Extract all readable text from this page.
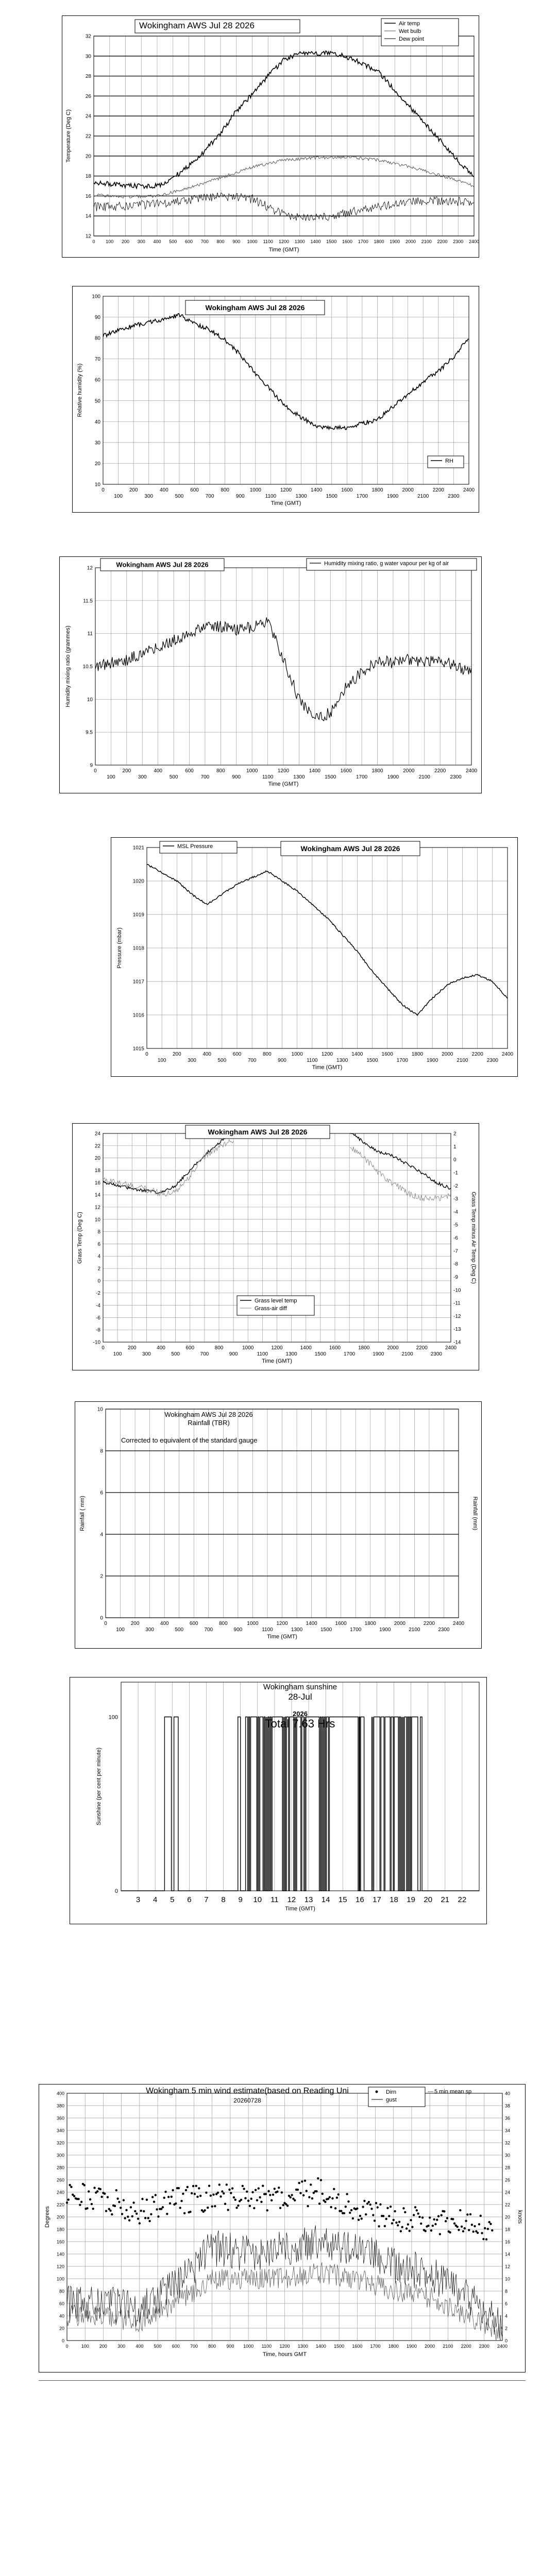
0 100 200 300 400 500 600 700 800 900 1000 1100 1200 1300 1400 1500 1600 1700 1800 1900 2000 2100 2200 2300 2400
12
14
16
18
20
22
24
26
28
30
32
Time (GMT)
Temperature (Deg C)
Wokingham AWS Jul 28 2026	Air temp
Wet bulb
Dew point
0
100
200
300
400
500
600
700
800
900
1000
1100
1200
1300
1400
1500
1600
1700
1800
1900
2000
2100
2200
2300
2400
10
20
30
40
50
60
70
80
90
100
Time (GMT)
Relative humidity (%)
Wokingham AWS Jul 28 2026
RH
0
100
200
300
400
500
600
700
800
900
1000
1100
1200
1300
1400
1500
1600
1700
1800
1900
2000
2100
2200
2300
2400
9
9.5
10
10.5
11
11.5
12
Time (GMT)
Humidity mixing ratio (grammes)
Wokingham AWS Jul 28 2026	Humidity mixing ratio, g water vapour per kg of air
0
100
200
300
400
500
600
700
800
900
1000
1100
1200
1300
1400
1500
1600
1700
1800
1900
2000
2100
2200
2300
2400
1015
1016
1017
1018
1019
1020
1021
Time (GMT)
Pressure (mbar)
MSL Pressure	Wokingham AWS Jul 28 2026
0
100
200
300
400
500
600
700
800
900
1000
1100
1200
1300
1400
1500
1600
1700
1800
1900
2000
2100
2200
2300
2400
-10
-8
-6
-4
-2
0
2
4
6
8
10
12
14
16
18
20
22
24
-14
-13
-12
-11
-10
-9
-8
-7
-6
-5
-4
-3
-2
-1
0
1
2
Time (GMT)
Grass Temp (Deg C)	Grass Temp minus Air Temp (Deg C)
Wokingham AWS Jul 28 2026
Grass level temp
Grass-air diff
0
100
200
300
400
500
600
700
800
900
1000
1100
1200
1300
1400
1500
1600
1700
1800
1900
2000
2100
2200
2300
2400
0
2
4
6
8
10
Time (GMT)
Rainfall ( mm)	Rainfall (mm)
Wokingham AWS Jul 28 2026
Rainfall (TBR)
Corrected to equivalent of the standard gauge
0
100
3 4 5 6 7 8 9 10 11 12 13 14 15 16 17 18 19 20 21 22
Time (GMT)
Sunshine (per cent per minute)
Wokingham sunshine
28-Jul
2026
Total 7.63 Hrs
0	100 200 300 400 500 600 700 800 900 1000 1100 1200 1300 1400 1500 1600 1700 1800 1900 2000 2100 2200 2300 2400
0
20
40
60
80
100
120
140
160
180
200
220
240
260
280
300
320
340
360
380
400
0
2
4
6
8
10
12
14
16
18
20
22
24
26
28
30
32
34
36
38
40
Time, hours GMT
Degrees	knots
Wokingham 5 min wind estimate(based on Reading Uni
20260728
Dirn
gust
5 min mean sp
